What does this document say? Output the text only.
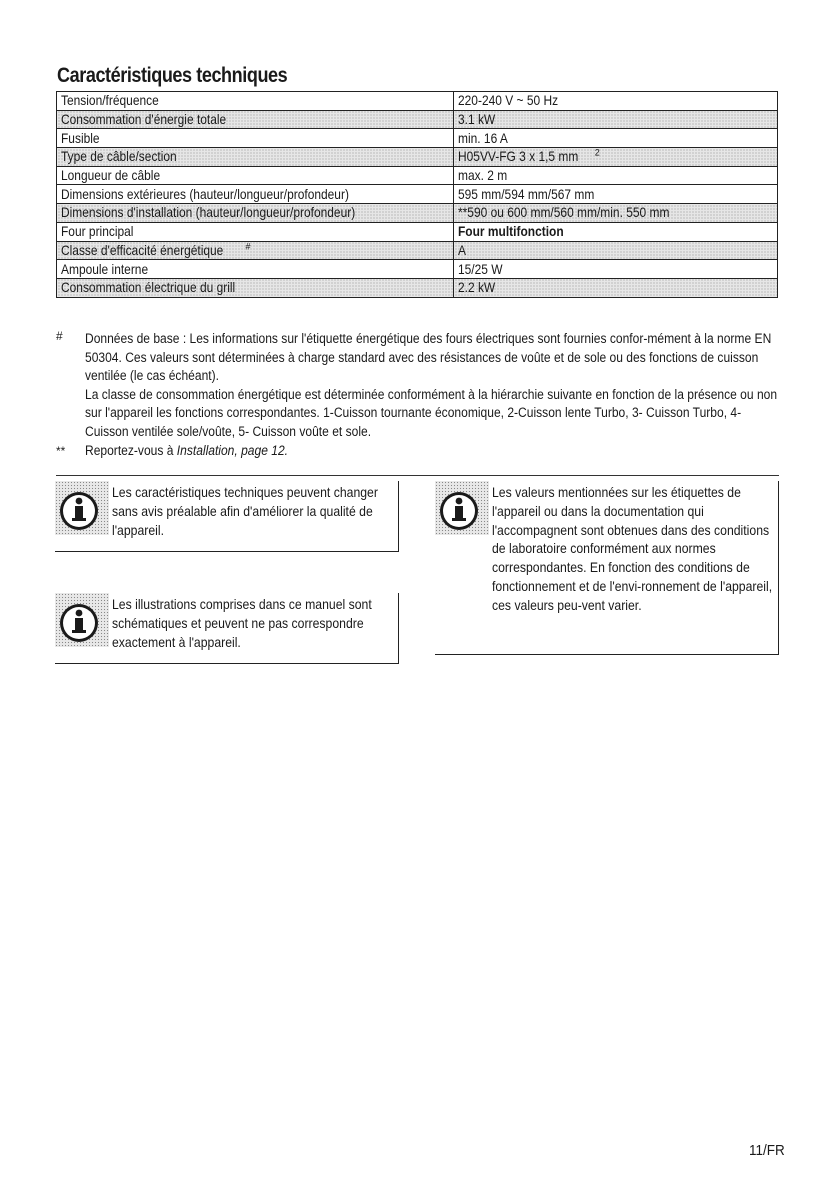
Caractéristiques techniques
Tension/fréquence	220-240 V ~ 50 Hz
Consommation d'énergie totale	3.1 kW
Fusible	min. 16 A
Type de câble/section	H05VV-FG 3 x 1,5 mm $^2$
Longueur de câble	max. 2 m
Dimensions extérieures (hauteur/longueur/profondeur)	595 mm/594 mm/567 mm
Dimensions d'installation (hauteur/longueur/profondeur)	**590 ou 600 mm/560 mm/min. 550 mm
Four principal	Four multifonction
Classe d'efficacité énergétique #	A
Ampoule interne	15/25 W
Consommation électrique du grill	2.2 kW
# Données de base : Les informations sur l'étiquette énergétique des fours électriques sont fournies confor-mément à la norme EN 50304. Ces valeurs sont déterminées à charge standard avec des résistances de voûte et de sole ou des fonctions de cuisson ventilée (le cas échéant).

La classe de consommation énergétique est déterminée conformément à la hiérarchie suivante en fonction de la présence ou non sur l'appareil les fonctions correspondantes. 1-Cuisson tournante économique, 2-Cuisson lente Turbo, 3- Cuisson Turbo, 4- Cuisson ventilée sole/voûte, 5- Cuisson voûte et sole.

** Reportez-vous à Installation, page 12.

Les caractéristiques techniques peuvent changer sans avis préalable afin d'améliorer la qualité de l'appareil.

Les illustrations comprises dans ce manuel sont schématiques et peuvent ne pas correspondre exactement à l'appareil.

Les valeurs mentionnées sur les étiquettes de l'appareil ou dans la documentation qui l'accompagnent sont obtenues dans des conditions de laboratoire conformément aux normes correspondantes. En fonction des conditions de fonctionnement et de l'envi-ronnement de l'appareil, ces valeurs peu-vent varier.

11/FR
